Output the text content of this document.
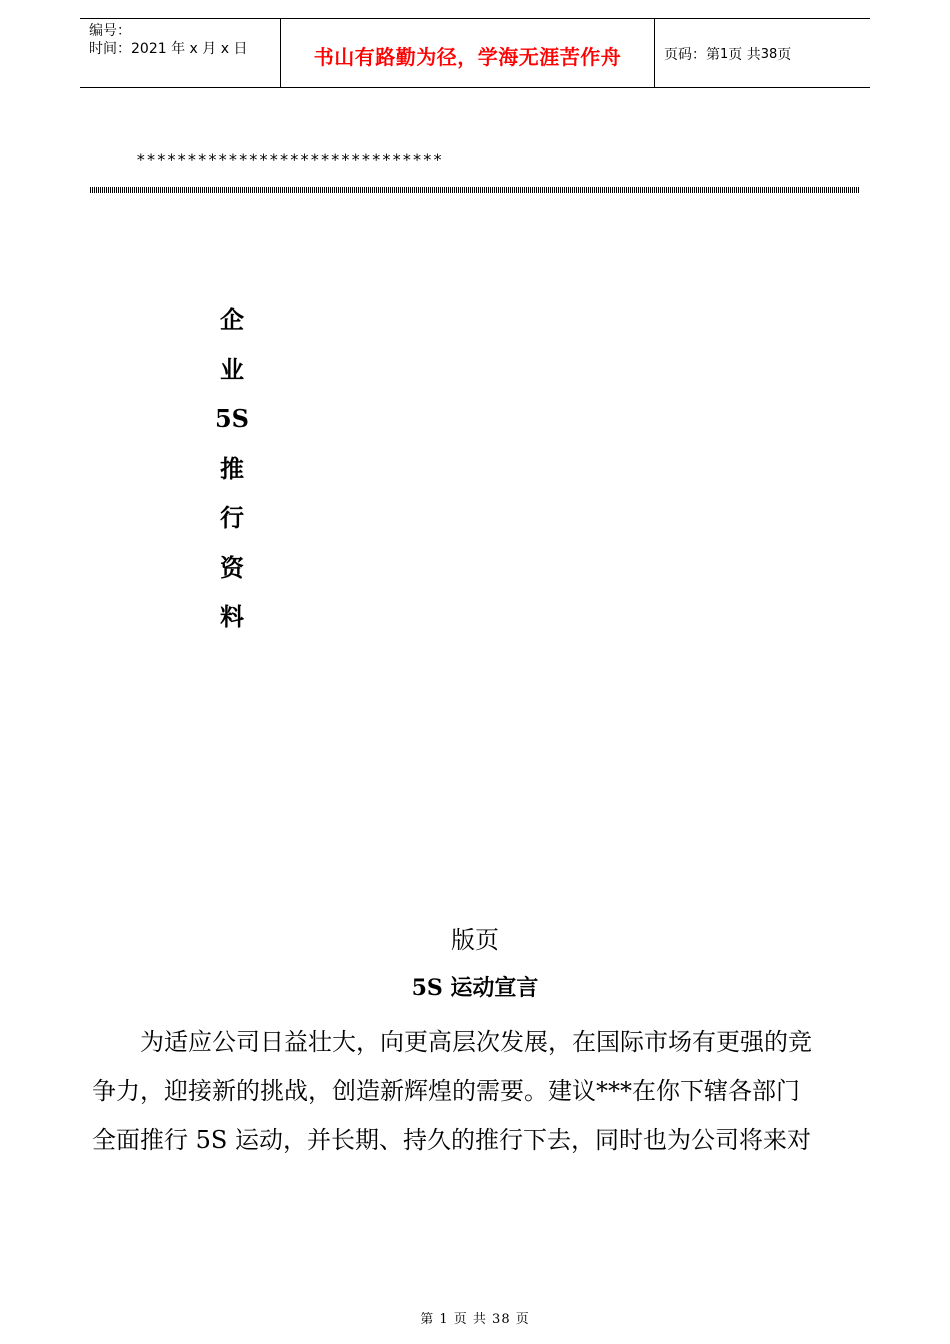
编号：
时间：2021 年 x 月 x 日	书山有路勤为径，学海无涯苦作舟	页码：第 1 页 共 38 页
******************************
企
业
5S
推
行
资
料
版页
5S 运动宣言
为适应公司日益壮大，向更高层次发展，在国际市场有更强的竞
争力，迎接新的挑战，创造新辉煌的需要。建议***在你下辖各部门
全面推行 5S 运动，并长期、持久的推行下去，同时也为公司将来对
第 1 页 共 38 页
